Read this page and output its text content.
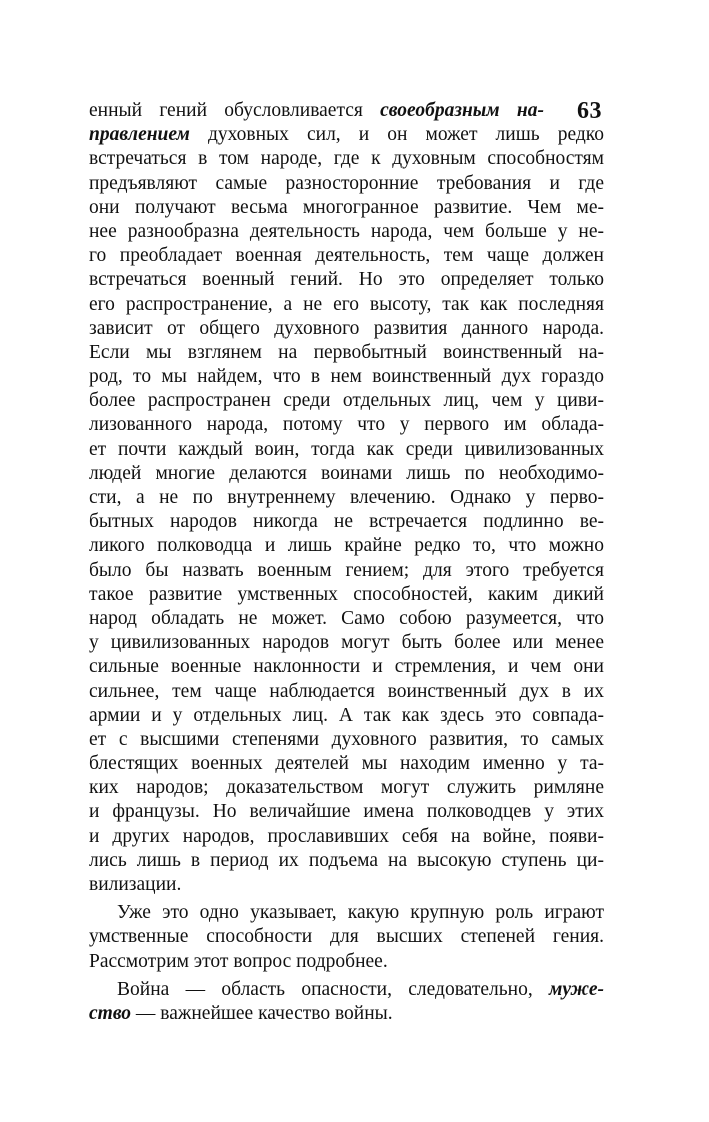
63
енный гений обусловливается своеобразным на-
правлением духовных сил, и он может лишь редко
встречаться в том народе, где к духовным способностям
предъявляют самые разносторонние требования и где
они получают весьма многогранное развитие. Чем ме-
нее разнообразна деятельность народа, чем больше у не-
го преобладает военная деятельность, тем чаще должен
встречаться военный гений. Но это определяет только
его распространение, а не его высоту, так как последняя
зависит от общего духовного развития данного народа.
Если мы взглянем на первобытный воинственный на-
род, то мы найдем, что в нем воинственный дух гораздо
более распространен среди отдельных лиц, чем у циви-
лизованного народа, потому что у первого им облада-
ет почти каждый воин, тогда как среди цивилизованных
людей многие делаются воинами лишь по необходимо-
сти, а не по внутреннему влечению. Однако у перво-
бытных народов никогда не встречается подлинно ве-
ликого полководца и лишь крайне редко то, что можно
было бы назвать военным гением; для этого требуется
такое развитие умственных способностей, каким дикий
народ обладать не может. Само собою разумеется, что
у цивилизованных народов могут быть более или менее
сильные военные наклонности и стремления, и чем они
сильнее, тем чаще наблюдается воинственный дух в их
армии и у отдельных лиц. А так как здесь это совпада-
ет с высшими степенями духовного развития, то самых
блестящих военных деятелей мы находим именно у та-
ких народов; доказательством могут служить римляне
и французы. Но величайшие имена полководцев у этих
и других народов, прославивших себя на войне, появи-
лись лишь в период их подъема на высокую ступень ци-
вилизации.
Уже это одно указывает, какую крупную роль играют
умственные способности для высших степеней гения.
Рассмотрим этот вопрос подробнее.
Война — область опасности, следовательно, муже-
ство — важнейшее качество войны.
